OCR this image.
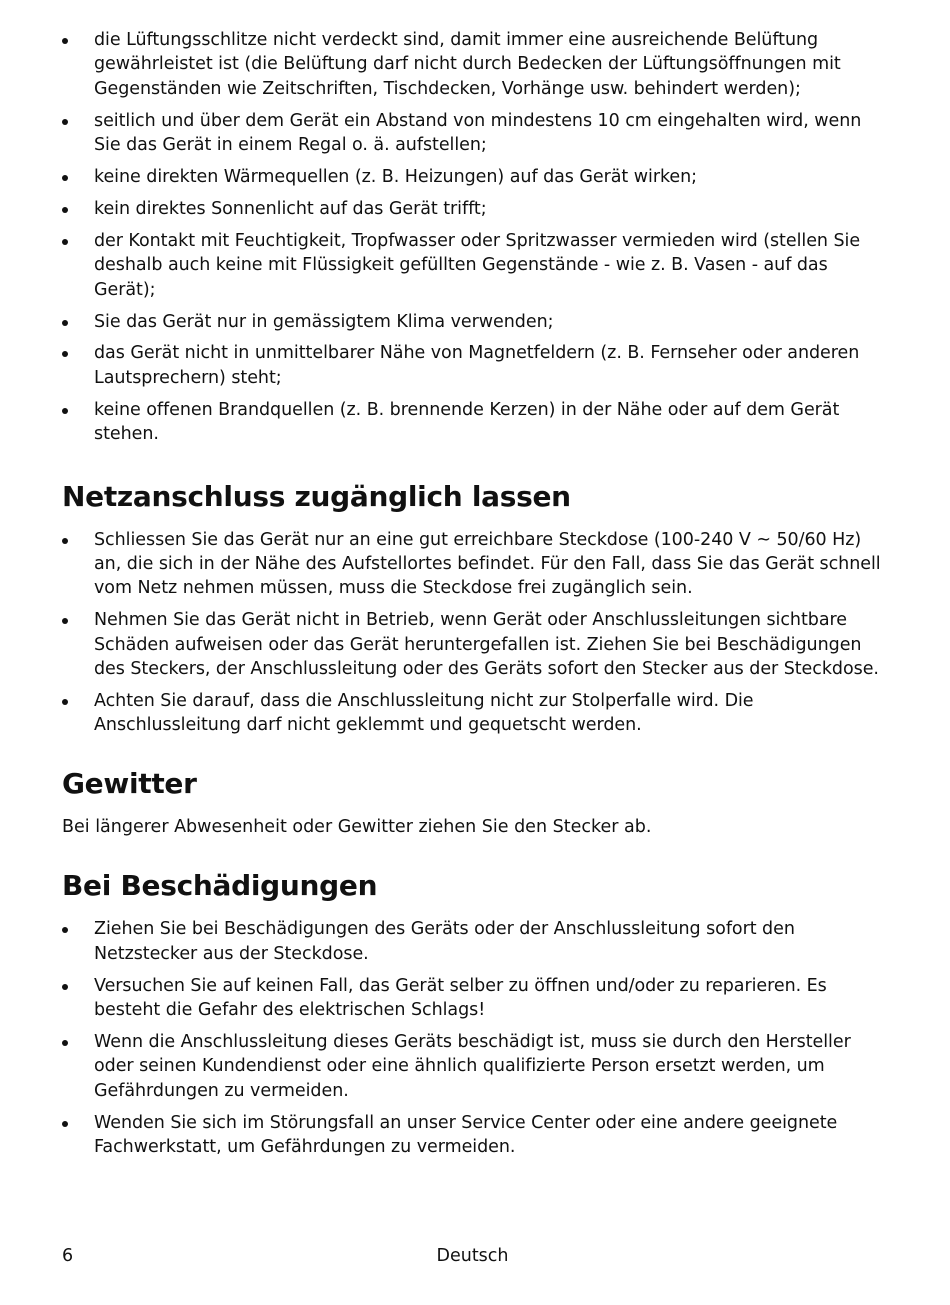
die Lüftungsschlitze nicht verdeckt sind, damit immer eine ausreichende Belüftung gewährleistet ist (die Belüftung darf nicht durch Bedecken der Lüftungsöffnungen mit Gegenständen wie Zeitschriften, Tischdecken, Vorhänge usw. behindert werden);
seitlich und über dem Gerät ein Abstand von mindestens 10 cm eingehalten wird, wenn Sie das Gerät in einem Regal o. ä. aufstellen;
keine direkten Wärmequellen (z. B. Heizungen) auf das Gerät wirken;
kein direktes Sonnenlicht auf das Gerät trifft;
der Kontakt mit Feuchtigkeit, Tropfwasser oder Spritzwasser vermieden wird (stellen Sie deshalb auch keine mit Flüssigkeit gefüllten Gegenstände - wie z. B. Vasen - auf das Gerät);
Sie das Gerät nur in gemässigtem Klima verwenden;
das Gerät nicht in unmittelbarer Nähe von Magnetfeldern (z. B. Fernseher oder anderen Lautsprechern) steht;
keine offenen Brandquellen (z. B. brennende Kerzen) in der Nähe oder auf dem Gerät stehen.
Netzanschluss zugänglich lassen
Schliessen Sie das Gerät nur an eine gut erreichbare Steckdose (100-240 V ~ 50/60 Hz) an, die sich in der Nähe des Aufstellortes befindet. Für den Fall, dass Sie das Gerät schnell vom Netz nehmen müssen, muss die Steckdose frei zugänglich sein.
Nehmen Sie das Gerät nicht in Betrieb, wenn Gerät oder Anschlussleitungen sichtbare Schäden aufweisen oder das Gerät heruntergefallen ist. Ziehen Sie bei Beschädigungen des Steckers, der Anschlussleitung oder des Geräts sofort den Stecker aus der Steckdose.
Achten Sie darauf, dass die Anschlussleitung nicht zur Stolperfalle wird. Die Anschlussleitung darf nicht geklemmt und gequetscht werden.
Gewitter

Bei längerer Abwesenheit oder Gewitter ziehen Sie den Stecker ab.

Bei Beschädigungen
Ziehen Sie bei Beschädigungen des Geräts oder der Anschlussleitung sofort den Netzstecker aus der Steckdose.
Versuchen Sie auf keinen Fall, das Gerät selber zu öffnen und/oder zu reparieren. Es besteht die Gefahr des elektrischen Schlags!
Wenn die Anschlussleitung dieses Geräts beschädigt ist, muss sie durch den Hersteller oder seinen Kundendienst oder eine ähnlich qualifizierte Person ersetzt werden, um Gefährdungen zu vermeiden.
Wenden Sie sich im Störungsfall an unser Service Center oder eine andere geeignete Fachwerkstatt, um Gefährdungen zu vermeiden.
6	Deutsch
